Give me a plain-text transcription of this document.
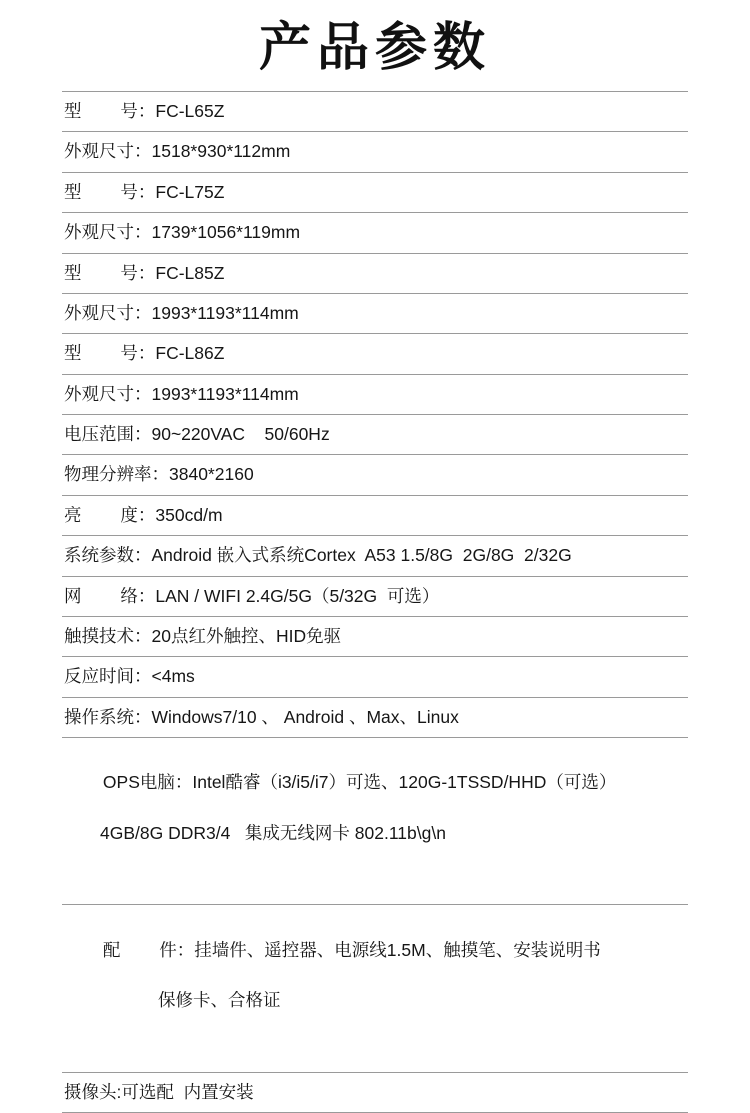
产品参数
型        号：FC-L65Z
外观尺寸：1518*930*112mm
型        号：FC-L75Z
外观尺寸：1739*1056*119mm
型        号：FC-L85Z
外观尺寸：1993*1193*114mm
型        号：FC-L86Z
外观尺寸：1993*1193*114mm
电压范围：90~220VAC    50/60Hz
物理分辨率：3840*2160
亮        度：350cd/m
系统参数：Android 嵌入式系统Cortex  A53 1.5/8G  2G/8G  2/32G
网        络：LAN / WIFI 2.4G/5G（5/32G  可选）
触摸技术：20点红外触控、HID免驱
反应时间：<4ms
操作系统：Windows7/10 、 Android 、Max、Linux

OPS电脑：Intel酷睿（i3/i5/i7）可选、120G-1TSSD/HHD（可选）

4GB/8G DDR3/4   集成无线网卡 802.11b\g\n

配        件：挂墙件、遥控器、电源线1.5M、触摸笔、安装说明书

保修卡、合格证

摄像头:可选配  内置安装
